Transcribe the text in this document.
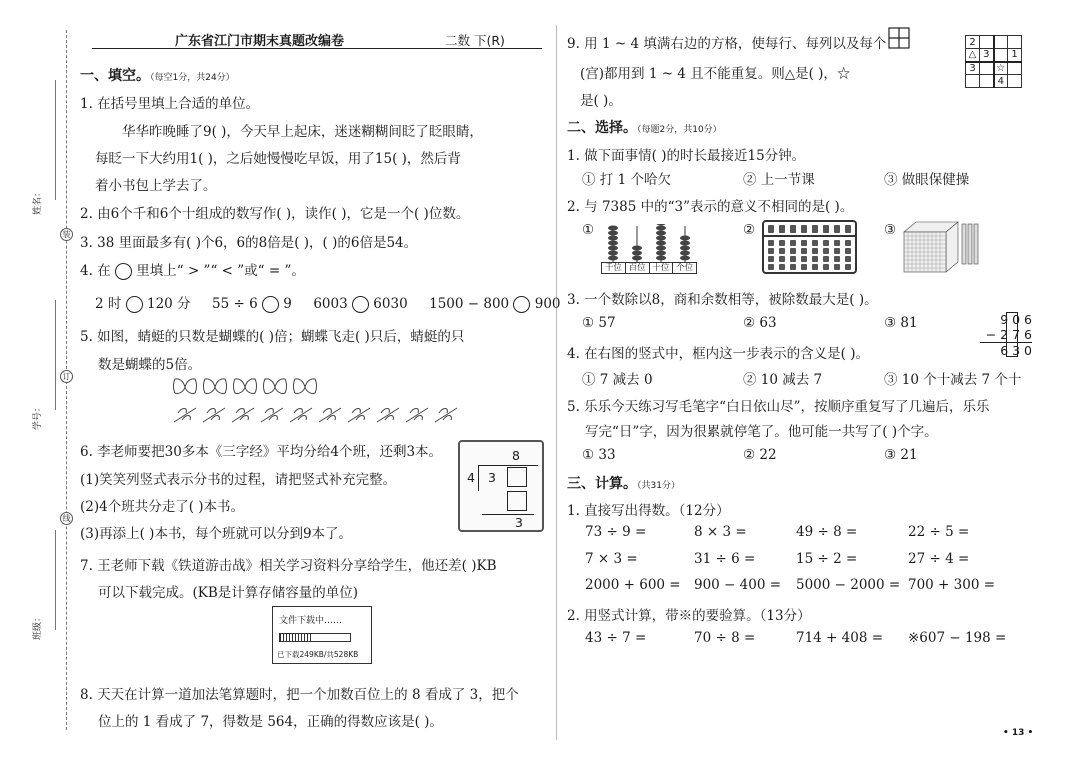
姓名：
学号：
班级：
装
订
线
广东省江门市期末真题改编卷	二数 下(R)
一、填空。（每空1分，共24分）
1. 在括号里填上合适的单位。
华华昨晚睡了9( )，今天早上起床，迷迷糊糊间眨了眨眼睛，
每眨一下大约用1( )，之后她慢慢吃早饭，用了15( )，然后背
着小书包上学去了。
2. 由6个千和6个十组成的数写作( )，读作( )，它是一个( )位数。
3. 38 里面最多有( )个6，6的8倍是( )，( )的6倍是54。
4. 在 里填上“ > ”“ < ”或“ = ”。
2 时 120 分 55 ÷ 6 9 6003 6030 1500 − 800 900
5. 如图，蜻蜓的只数是蝴蝶的( )倍；蝴蝶飞走( )只后，蜻蜓的只
数是蝴蝶的5倍。
6. 李老师要把30多本《三字经》平均分给4个班，还剩3本。
(1)笑笑列竖式表示分书的过程，请把竖式补充完整。
(2)4个班共分走了( )本书。
(3)再添上( )本书，每个班就可以分到9本了。
8
4 3
3
7. 王老师下载《铁道游击战》相关学习资料分享给学生，他还差( )KB
可以下载完成。(KB是计算存储容量的单位)
文件下载中……
已下载249KB/共528KB
8. 天天在计算一道加法笔算题时，把一个加数百位上的 8 看成了 3，把个
位上的 1 看成了 7，得数是 564，正确的得数应该是( )。
9. 用 1 ~ 4 填满右边的方格，使每行、每列以及每个
(宫)都用到 1 ~ 4 且不能重复。则△是( )，☆
是( )。
2			
△	3		1
3		☆	
		4	
二、选择。（每题2分，共10分）
1. 做下面事情( )的时长最接近15分钟。
① 打 1 个哈欠	② 上一节课	③ 做眼保健操
2. 与 7385 中的“3”表示的意义不相同的是( )。
①	②	③
千位 百位 十位 个位
3. 一个数除以8，商和余数相等，被除数最大是( )。
① 57	② 63	③ 81	9 0 6
− 2 7 6
6 3 0
4. 在右图的竖式中，框内这一步表示的含义是( )。
① 7 减去 0	② 10 减去 7	③ 10 个十减去 7 个十
5. 乐乐今天练习写毛笔字“白日依山尽”，按顺序重复写了几遍后，乐乐
写完“日”字，因为很累就停笔了。他可能一共写了( )个字。
① 33	② 22	③ 21
三、计算。（共31分）
1. 直接写出得数。（12分）
73 ÷ 9 =	8 × 3 =	49 ÷ 8 =	22 ÷ 5 =
7 × 3 =	31 ÷ 6 =	15 ÷ 2 =	27 ÷ 4 =
2000 + 600 = 900 − 400 = 5000 − 2000 = 700 + 300 =
2. 用竖式计算，带※的要验算。（13分）
43 ÷ 7 =	70 ÷ 8 =	714 + 408 = ※607 − 198 =
• 13 •
